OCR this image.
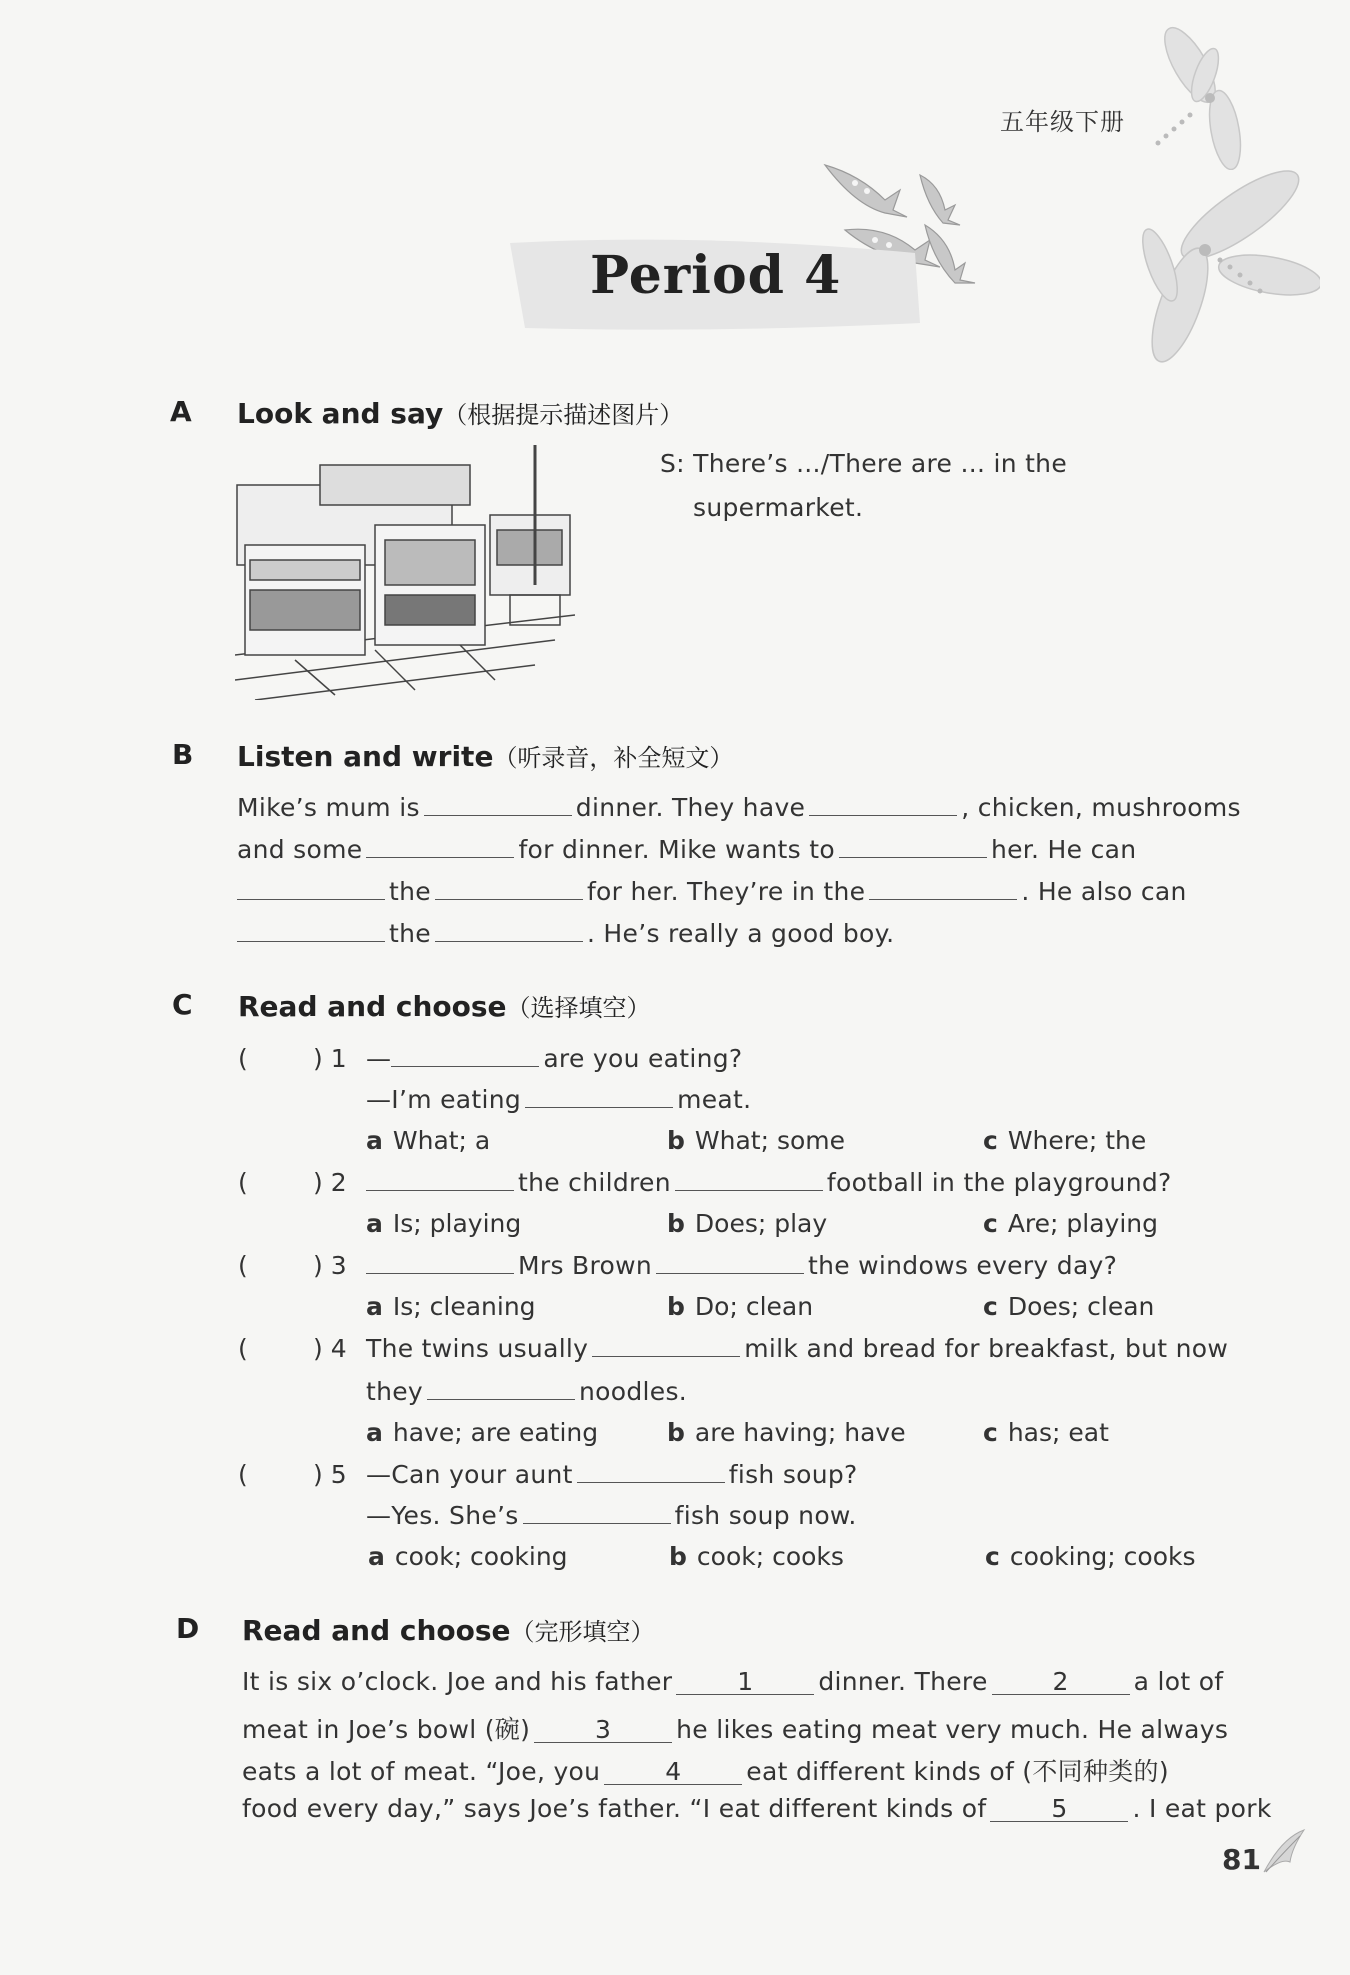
五年级下册
Period 4
A Look and say（根据提示描述图片）
S: There’s .../There are ... in the
supermarket.
B Listen and write（听录音，补全短文）
Mike’s mum is	dinner. They have	, chicken, mushrooms
and some	for dinner. Mike wants to	her. He can
the	for her. They’re in the	. He also can
the	. He’s really a good boy.
C Read and choose（选择填空）
(	) 1 —	are you eating?
—I’m eating	meat.
a What; a	b What; some	c Where; the
(	) 2	the children	football in the playground?
a Is; playing	b Does; play	c Are; playing
(	) 3	Mrs Brown	the windows every day?
a Is; cleaning	b Do; clean	c Does; clean
(	) 4 The twins usually	milk and bread for breakfast, but now
they	noodles.
a have; are eating	b are having; have	c has; eat
(	) 5 —Can your aunt	fish soup?
—Yes. She’s	fish soup now.
a cook; cooking	b cook; cooks	c cooking; cooks
D Read and choose（完形填空）
It is six o’clock. Joe and his father	1	dinner. There	2	a lot of
meat in Joe’s bowl (碗)	3	he likes eating meat very much. He always
eats a lot of meat. “Joe, you	4	eat different kinds of (不同种类的)
food every day,” says Joe’s father. “I eat different kinds of	5	. I eat pork
81
